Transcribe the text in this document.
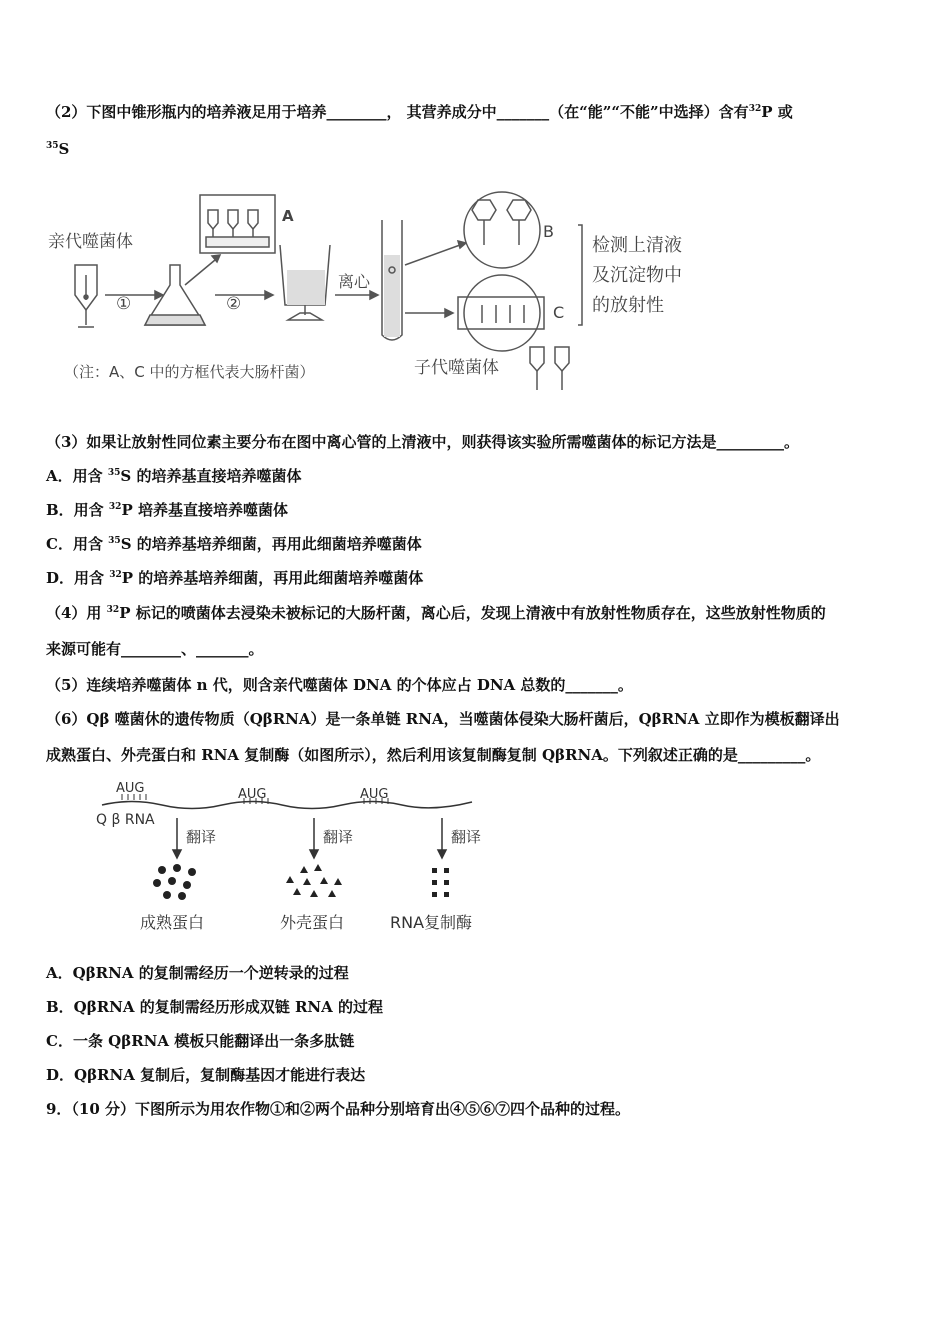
（2）下图中锥形瓶内的培养液足用于培养________， 其营养成分中_______（在“能”“不能”中选择）含有$^{32}$P 或
$^{35}$S
亲代噬菌体
①	②
A
离心
B
C
检测上清液
及沉淀物中
的放射性
（注：A、C 中的方框代表大肠杆菌）	子代噬菌体
（3）如果让放射性同位素主要分布在图中离心管的上清液中，则获得该实验所需噬菌体的标记方法是_________。
A．用含 $^{35}$S 的培养基直接培养噬菌体
B．用含 $^{32}$P 培养基直接培养噬菌体
C．用含 $^{35}$S 的培养基培养细菌，再用此细菌培养噬菌体
D．用含 $^{32}$P 的培养基培养细菌，再用此细菌培养噬菌体
（4）用 $^{32}$P 标记的喷菌体去浸染未被标记的大肠杆菌，离心后，发现上清液中有放射性物质存在，这些放射性物质的
来源可能有________、_______。
（5）连续培养噬菌体 n 代，则含亲代噬菌体 DNA 的个体应占 DNA 总数的_______。
（6）Qβ 噬菌休的遗传物质（QβRNA）是一条单链 RNA，当噬菌体侵染大肠杆菌后，QβRNA 立即作为模板翻译出
成熟蛋白、外壳蛋白和 RNA 复制酶（如图所示），然后利用该复制酶复制 QβRNA。下列叙述正确的是_________。
AUG	AUG	AUG
Q β RNA
翻译	翻译	翻译
成熟蛋白	外壳蛋白	RNA复制酶
A．QβRNA 的复制需经历一个逆转录的过程
B．QβRNA 的复制需经历形成双链 RNA 的过程
C．一条 QβRNA 模板只能翻译出一条多肽链
D．QβRNA 复制后，复制酶基因才能进行表达
9．（10 分）下图所示为用农作物①和②两个品种分别培育出④⑤⑥⑦四个品种的过程。
